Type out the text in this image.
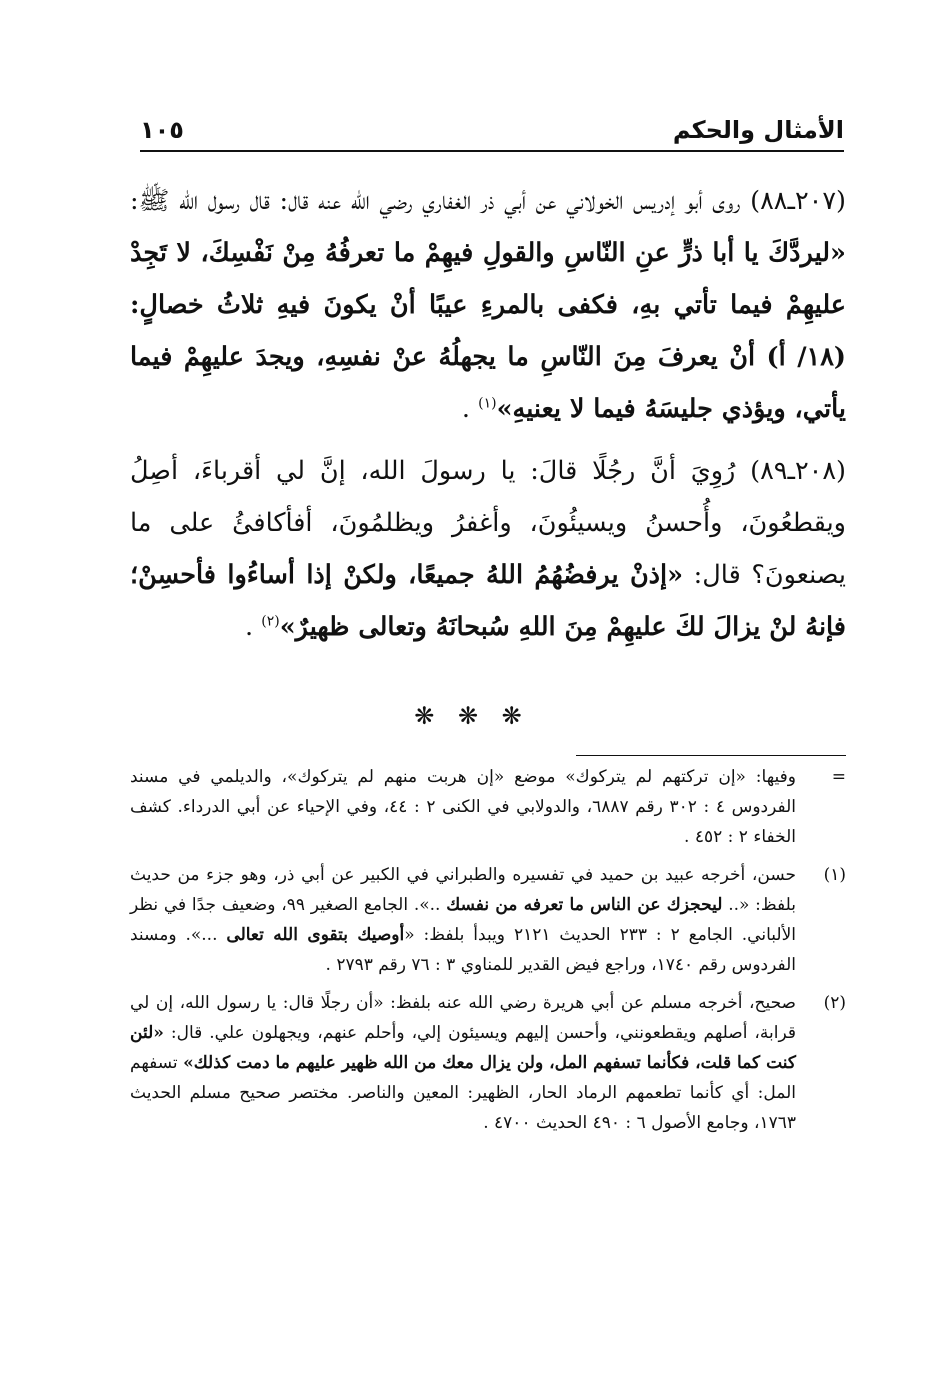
الأمثال والحكم
١٠٥

(٢٠٧ـ٨٨) روى أبو إدريس الخولاني عن أبي ذر الغفاري رضي الله عنه قال: قال رسول الله ﷺ: «ليردَّكَ يا أبا ذرٍّ عنِ النّاسِ والقولِ فيهِمْ ما تعرفُهُ مِنْ نَفْسِكَ، لا تَجِدْ عليهِمْ فيما تأتي بهِ، فكفى بالمرءِ عيبًا أنْ يكونَ فيهِ ثلاثُ خصالٍ: (١٨/ أ) أنْ يعرفَ مِنَ النّاسِ ما يجهلُهُ عنْ نفسِهِ، ويجدَ عليهِمْ فيما يأتي، ويؤذي جليسَهُ فيما لا يعنيهِ»$^{(١)}$ .

(٢٠٨ـ٨٩) رُوِيَ أنَّ رجُلًا قالَ: يا رسولَ الله، إنَّ لي أقرباءَ، أصِلُ ويقطعُونَ، وأُحسنُ ويسيئُونَ، وأغفرُ ويظلمُونَ، أفأكافئُ على ما يصنعونَ؟ قال: «إذنْ يرفضُهُمُ اللهُ جميعًا، ولكنْ إذا أساءُوا فأحسِنْ؛ فإنهُ لنْ يزالَ لكَ عليهِمْ مِنَ اللهِ سُبحانَهُ وتعالى ظهيرٌ»$^{(٢)}$ .

❋ ❋ ❋
=
وفيها: «إن تركتهم لم يتركوك» موضع «إن هربت منهم لم يتركوك»، والديلمي في مسند الفردوس ٤ : ٣٠٢ رقم ٦٨٨٧، والدولابي في الكنى ٢ : ٤٤، وفي الإحياء عن أبي الدرداء. كشف الخفاء ٢ : ٤٥٢ .
(١)
حسن، أخرجه عبيد بن حميد في تفسيره والطبراني في الكبير عن أبي ذر، وهو جزء من حديث بلفظ: «.. ليحجزك عن الناس ما تعرفه من نفسك ..». الجامع الصغير ٩٩، وضعيف جدًا في نظر الألباني. الجامع ٢ : ٢٣٣ الحديث ٢١٢١ ويبدأ بلفظ: «أوصيك بتقوى الله تعالى ...». ومسند الفردوس رقم ١٧٤٠، وراجع فيض القدير للمناوي ٣ : ٧٦ رقم ٢٧٩٣ .
(٢)
صحيح، أخرجه مسلم عن أبي هريرة رضي الله عنه بلفظ: «أن رجلًا قال: يا رسول الله، إن لي قرابة، أصلهم ويقطعونني، وأحسن إليهم ويسيئون إلي، وأحلم عنهم، ويجهلون علي. قال: «لئن كنت كما قلت، فكأنما تسفهم المل، ولن يزال معك من الله ظهير عليهم ما دمت كذلك» تسفهم المل: أي كأنما تطعمهم الرماد الحار، الظهير: المعين والناصر. مختصر صحيح مسلم الحديث ١٧٦٣، وجامع الأصول ٦ : ٤٩٠ الحديث ٤٧٠٠ .
